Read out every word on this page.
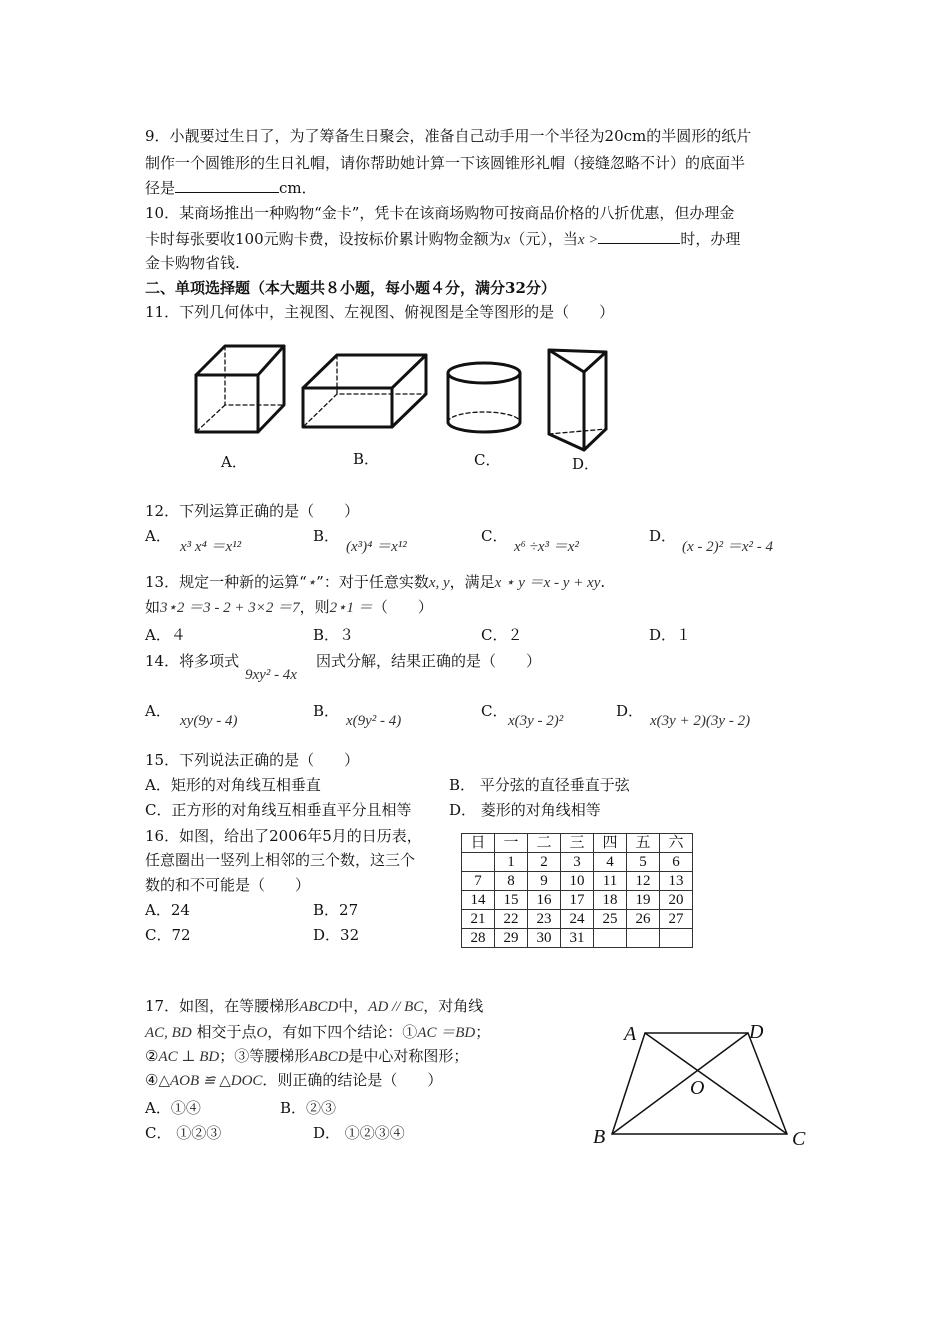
9．小靓要过生日了，为了筹备生日聚会，准备自己动手用一个半径为20cm的半圆形的纸片
制作一个圆锥形的生日礼帽，请你帮助她计算一下该圆锥形礼帽（接缝忽略不计）的底面半
径是	cm．
10．某商场推出一种购物“金卡”，凭卡在该商场购物可按商品价格的八折优惠，但办理金
卡时每张要收100元购卡费，设按标价累计购物金额为x（元），当x >	时，办理
金卡购物省钱.
二、单项选择题（本大题共８小题，每小题４分，满分32分）
11．下列几何体中，主视图、左视图、俯视图是全等图形的是（　　）
A．	B．	C．	D．
12．下列运算正确的是（　　）
A．
x³ x⁴ ＝x¹²
B．
(x³)⁴ ＝x¹²
C．
x⁶ ÷x³ ＝x²
D．
(x - 2)² ＝x² - 4
13．规定一种新的运算“⋆”：对于任意实数x, y，满足x ⋆ y ＝x - y + xy.
如3⋆2 ＝3 - 2 + 3×2 ＝7，则2⋆1 ＝（　　）
A．４	B．３	C．２	D．１
14．将多项式
9xy² - 4x
因式分解，结果正确的是（　　）
A．
xy(9y - 4)
B．
x(9y² - 4)
C．
x(3y - 2)²
D．
x(3y + 2)(3y - 2)
15．下列说法正确的是（　　）
A．矩形的对角线互相垂直	B． 平分弦的直径垂直于弦
C．正方形的对角线互相垂直平分且相等	D． 菱形的对角线相等
16．如图，给出了2006年5月的日历表，
任意圈出一竖列上相邻的三个数，这三个
数的和不可能是（　　）
A．24	B．27
C．72	D．32
日	一	二	三	四	五	六
	1	2	3	4	5	6
7	8	9	10	11	12	13
14	15	16	17	18	19	20
21	22	23	24	25	26	27
28	29	30	31			
17．如图，在等腰梯形ABCD中，AD // BC，对角线
AC, BD 相交于点O，有如下四个结论：①AC ＝BD；
②AC ⊥ BD；③等腰梯形ABCD是中心对称图形；
④△AOB ≌ △DOC．则正确的结论是（　　）
A．①④	B．②③
C． ①②③	D． ①②③④
A	D
O
B	C
